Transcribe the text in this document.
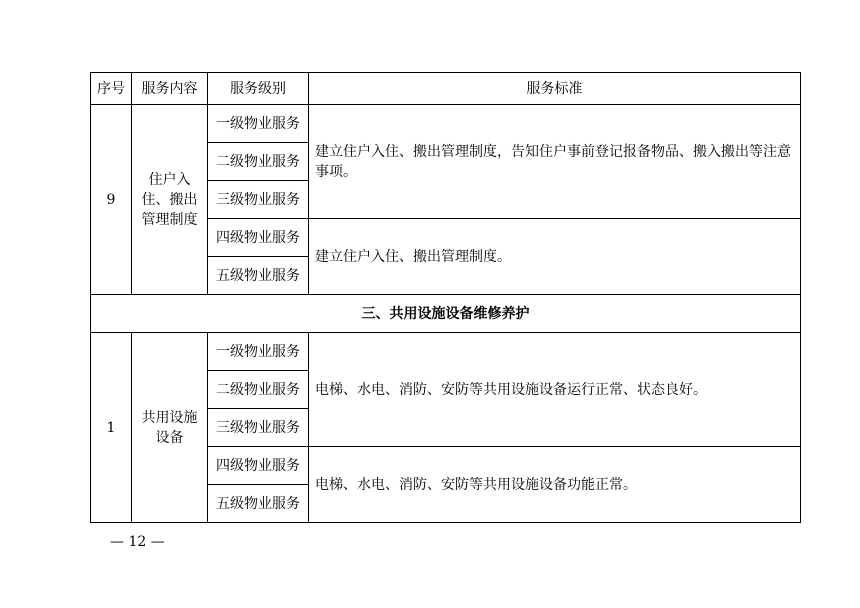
序号	服务内容	服务级别	服务标准
9	住户入住、搬出管理制度	一级物业服务	建立住户入住、搬出管理制度，告知住户事前登记报备物品、搬入搬出等注意事项。
		二级物业服务	
		三级物业服务	
		四级物业服务	建立住户入住、搬出管理制度。
		五级物业服务	
三、共用设施设备维修养护			
1	共用设施设备	一级物业服务	电梯、水电、消防、安防等共用设施设备运行正常、状态良好。
		二级物业服务	
		三级物业服务	
		四级物业服务	电梯、水电、消防、安防等共用设施设备功能正常。
		五级物业服务	
— 12 —
